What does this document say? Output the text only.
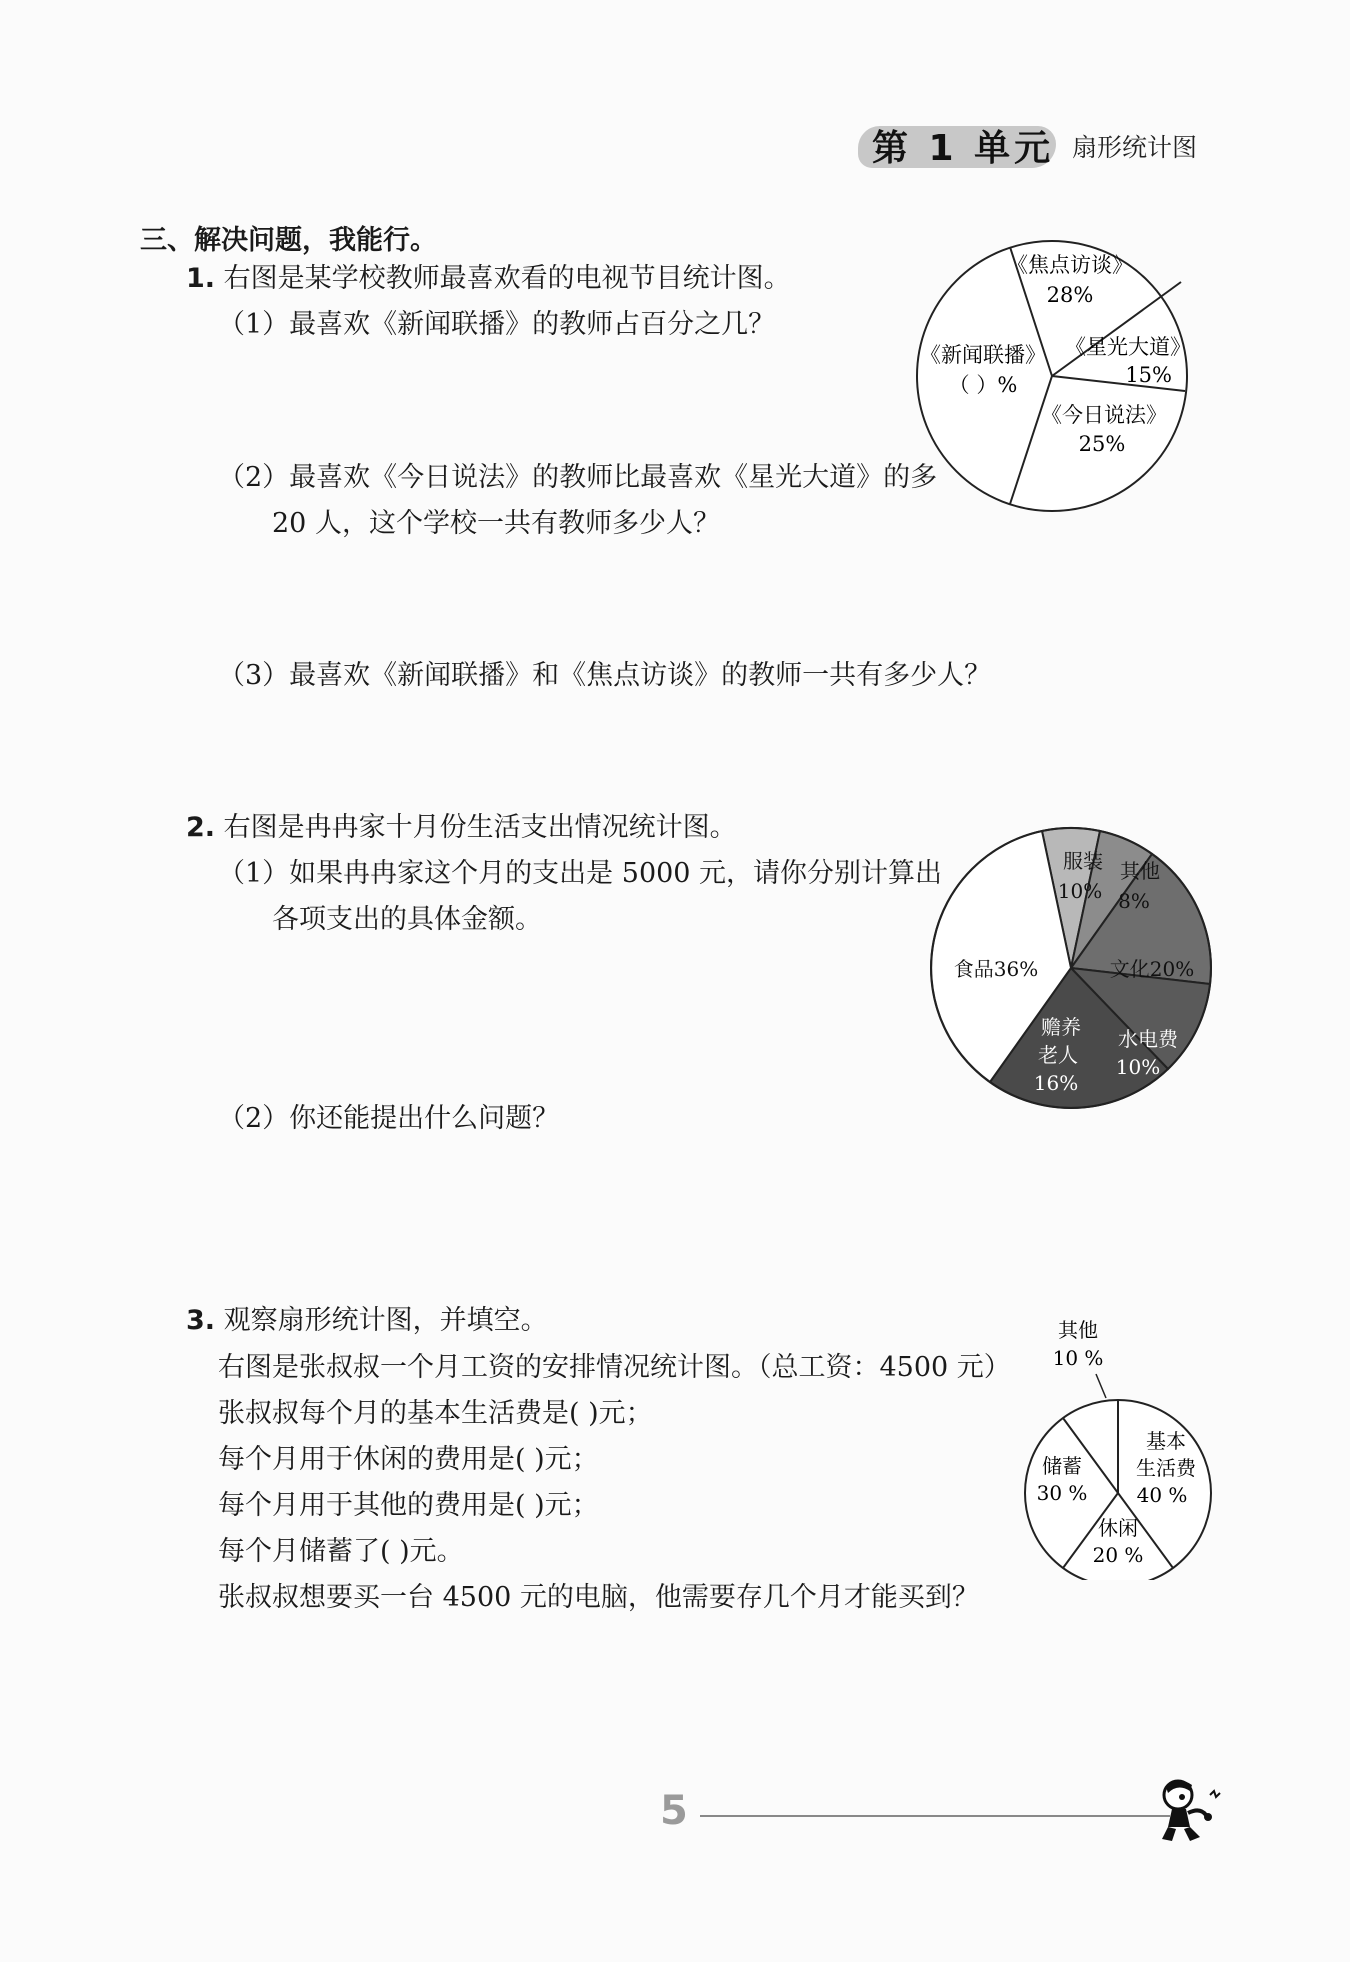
第 1 单元 扇形统计图
三、解决问题，我能行。
1. 右图是某学校教师最喜欢看的电视节目统计图。
（1）最喜欢《新闻联播》的教师占百分之几？
（2）最喜欢《今日说法》的教师比最喜欢《星光大道》的多
20 人，这个学校一共有教师多少人？
（3）最喜欢《新闻联播》和《焦点访谈》的教师一共有多少人？
《焦点访谈》
28%
《星光大道》
15%
《今日说法》
25%
《新闻联播》
（ ）%
2. 右图是冉冉家十月份生活支出情况统计图。
（1）如果冉冉家这个月的支出是 5000 元，请你分别计算出
各项支出的具体金额。
（2）你还能提出什么问题？
服装
10%
其他
8%
文化20%
水电费
10%
赡养
老人
16%
食品36%
3. 观察扇形统计图，并填空。
右图是张叔叔一个月工资的安排情况统计图。（总工资：4500 元）
张叔叔每个月的基本生活费是( )元；
每个月用于休闲的费用是( )元；
每个月用于其他的费用是( )元；
每个月储蓄了( )元。
张叔叔想要买一台 4500 元的电脑，他需要存几个月才能买到？
其他
10 %
基本
生活费
40 %
休闲
20 %
储蓄
30 %
5
